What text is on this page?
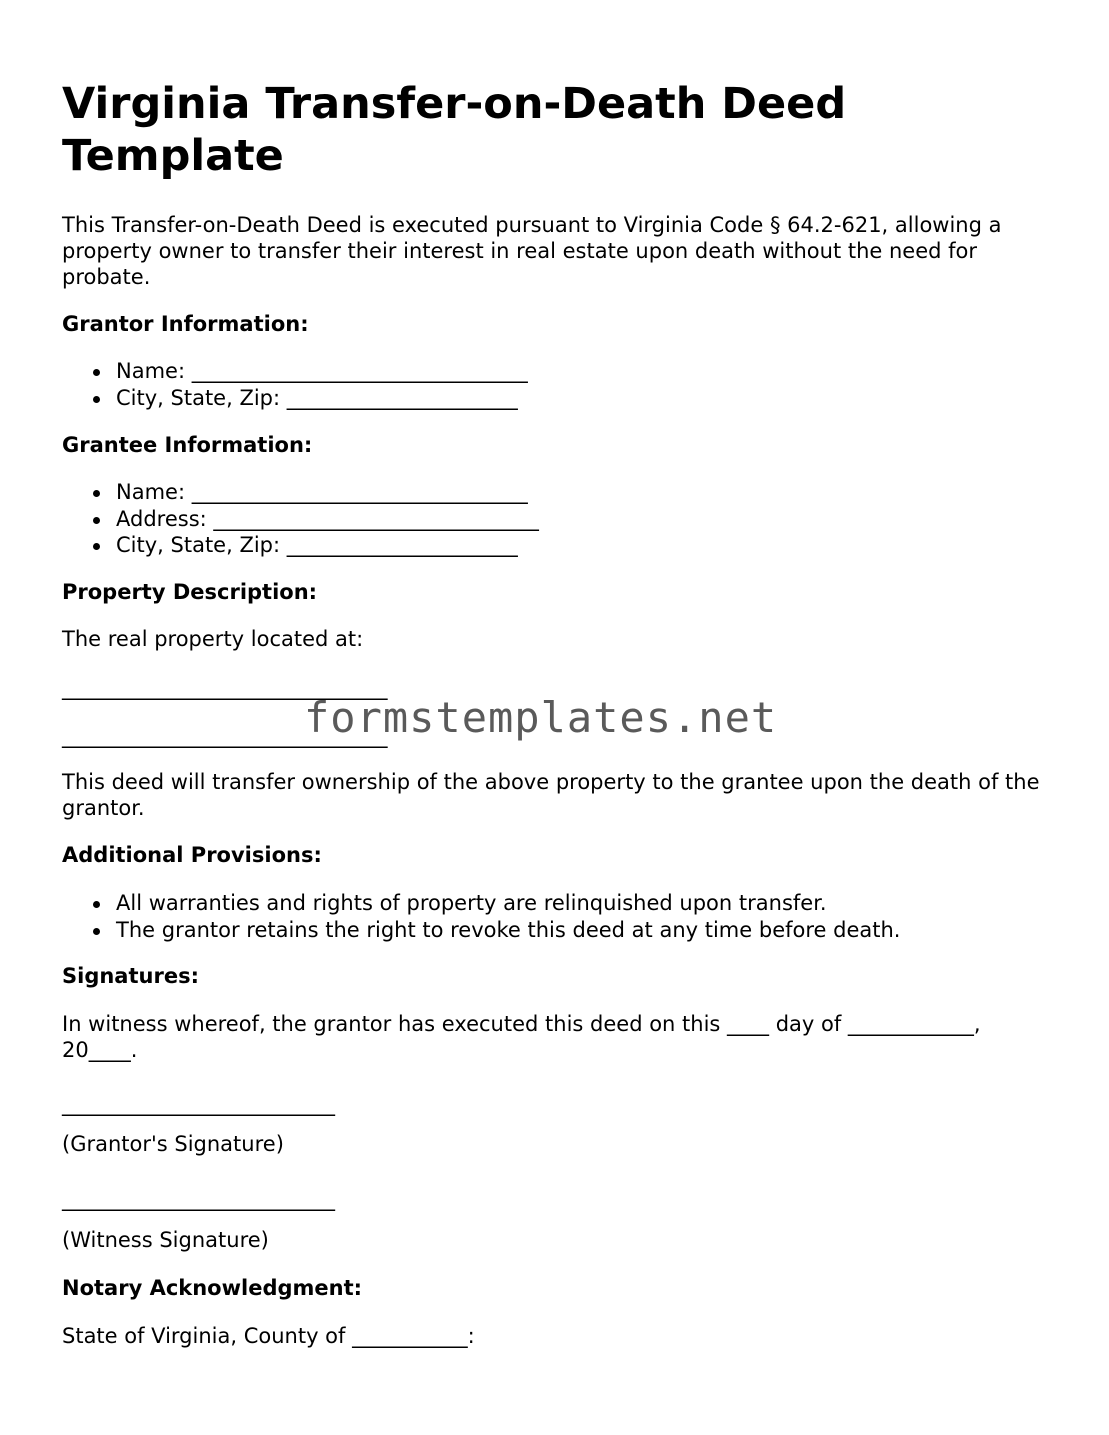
Virginia Transfer-on-Death Deed Template

This Transfer-on-Death Deed is executed pursuant to Virginia Code § 64.2-621, allowing a property owner to transfer their interest in real estate upon death without the need for probate.

Grantor Information:

Name: ________________________________
City, State, Zip: ______________________

Grantee Information:

Name: ________________________________
Address: _______________________________
City, State, Zip: ______________________

Property Description:

The real property located at:

_______________________________

_______________________________

This deed will transfer ownership of the above property to the grantee upon the death of the grantor.

Additional Provisions:

All warranties and rights of property are relinquished upon transfer.
The grantor retains the right to revoke this deed at any time before death.

Signatures:

In witness whereof, the grantor has executed this deed on this ____ day of ____________, 20____.

__________________________

(Grantor's Signature)

__________________________

(Witness Signature)

Notary Acknowledgment:

State of Virginia, County of ___________:

formstemplates.net
